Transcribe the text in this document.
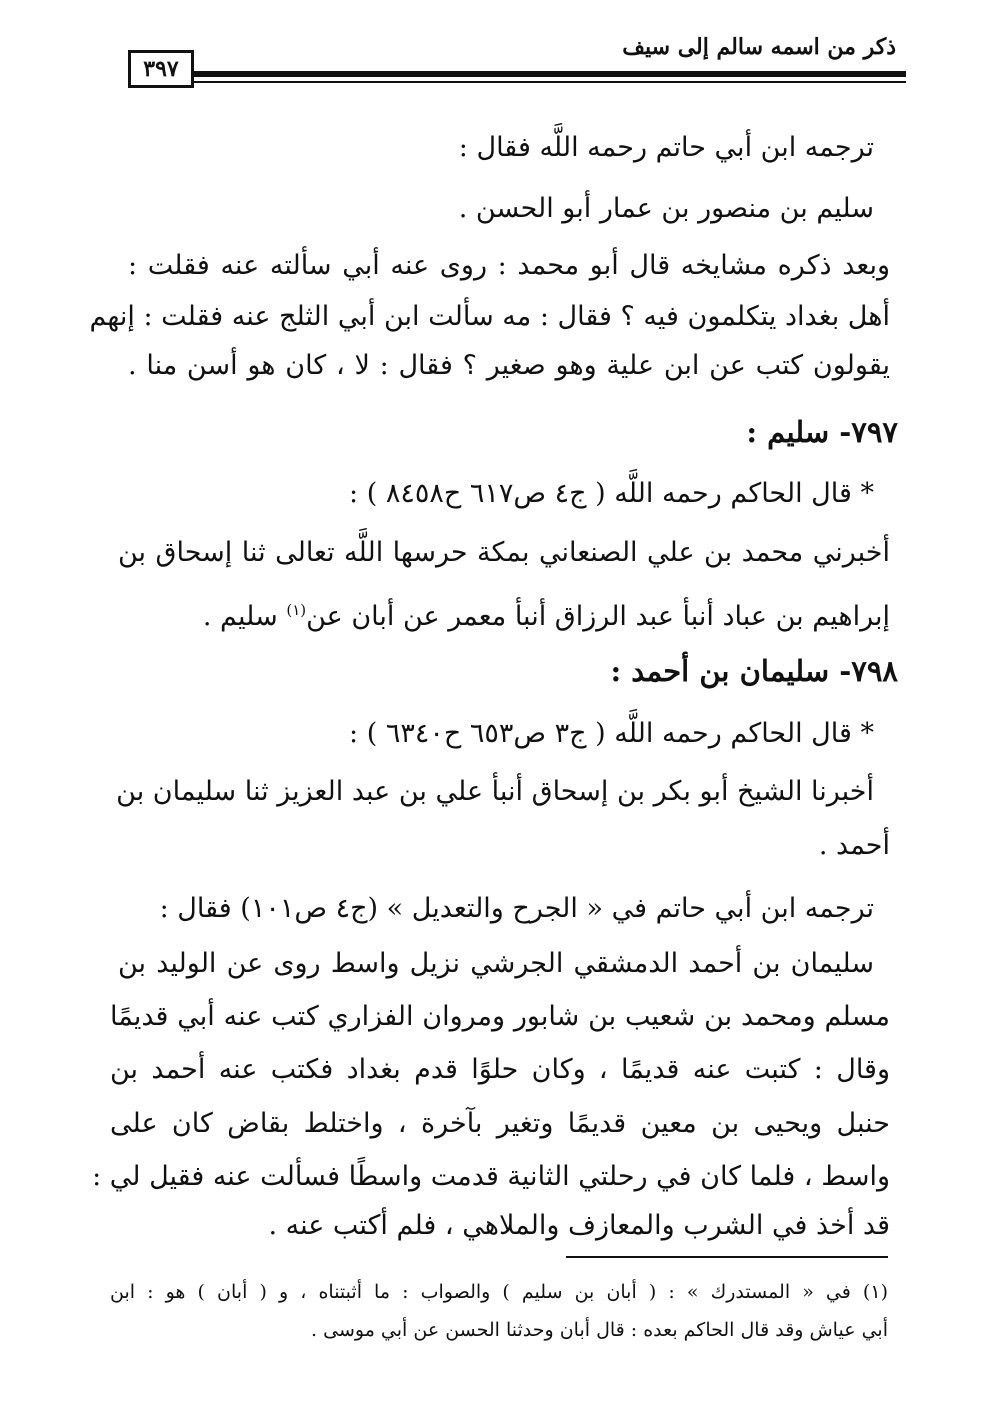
ذكر من اسمه سالم إلى سيف
٣٩٧
ترجمه ابن أبي حاتم رحمه اللَّه فقال :
سليم بن منصور بن عمار أبو الحسن .
وبعد ذكره مشايخه قال أبو محمد : روى عنه أبي سألته عنه فقلت :
أهل بغداد يتكلمون فيه ؟ فقال : مه سألت ابن أبي الثلج عنه فقلت : إنهم
يقولون كتب عن ابن علية وهو صغير ؟ فقال : لا ، كان هو أسن منا .
٧٩٧- سليم :
* قال الحاكم رحمه اللَّه ( ج٤ ص٦١٧ ح٨٤٥٨ ) :
أخبرني محمد بن علي الصنعاني بمكة حرسها اللَّه تعالى ثنا إسحاق بن
إبراهيم بن عباد أنبأ عبد الرزاق أنبأ معمر عن أبان عن$^{(١)}$ سليم .
٧٩٨- سليمان بن أحمد :
* قال الحاكم رحمه اللَّه ( ج٣ ص٦٥٣ ح٦٣٤٠ ) :
أخبرنا الشيخ أبو بكر بن إسحاق أنبأ علي بن عبد العزيز ثنا سليمان بن
أحمد .
ترجمه ابن أبي حاتم في « الجرح والتعديل » (ج٤ ص١٠١) فقال :
سليمان بن أحمد الدمشقي الجرشي نزيل واسط روى عن الوليد بن
مسلم ومحمد بن شعيب بن شابور ومروان الفزاري كتب عنه أبي قديمًا
وقال : كتبت عنه قديمًا ، وكان حلوًا قدم بغداد فكتب عنه أحمد بن
حنبل ويحيى بن معين قديمًا وتغير بآخرة ، واختلط بقاض كان على
واسط ، فلما كان في رحلتي الثانية قدمت واسطًا فسألت عنه فقيل لي :
قد أخذ في الشرب والمعازف والملاهي ، فلم أكتب عنه .
(١) في « المستدرك » : ( أبان بن سليم ) والصواب : ما أثبتناه ، و ( أبان ) هو : ابن
أبي عياش وقد قال الحاكم بعده : قال أبان وحدثنا الحسن عن أبي موسى .
